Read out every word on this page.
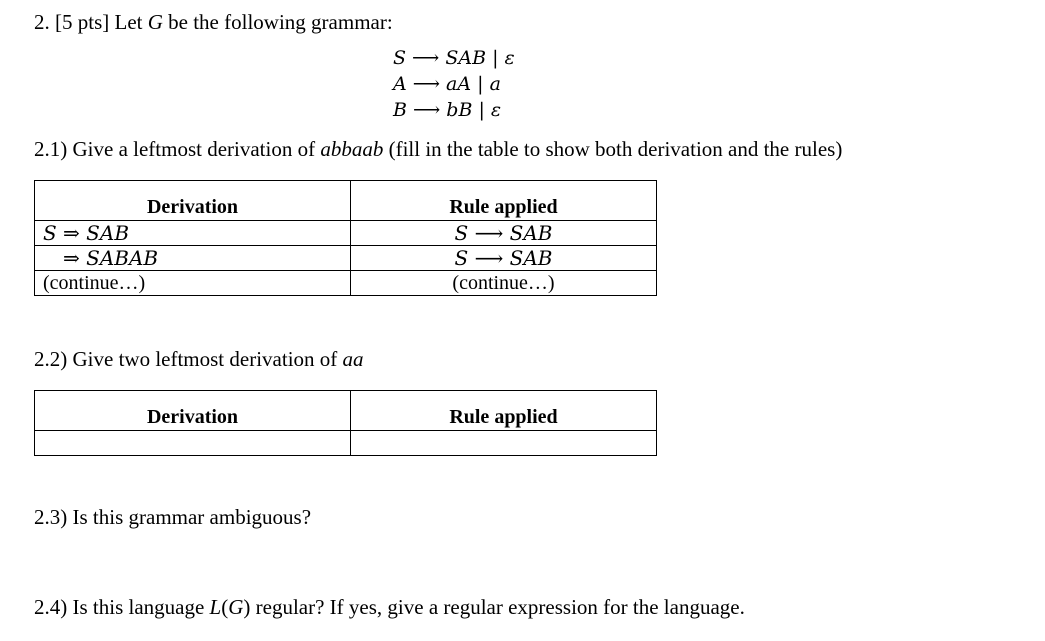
2. [5 pts] Let G be the following grammar:
S ⟶ SAB | ε
A ⟶ aA | a
B ⟶ bB | ε
2.1) Give a leftmost derivation of abbaab (fill in the table to show both derivation and the rules)
Derivation	Rule applied
S ⇒ SAB	S ⟶ SAB
⇒ SABAB	S ⟶ SAB
(continue…)	(continue…)
2.2) Give two leftmost derivation of aa
Derivation	Rule applied

2.3) Is this grammar ambiguous?
2.4) Is this language L(G) regular? If yes, give a regular expression for the language.
